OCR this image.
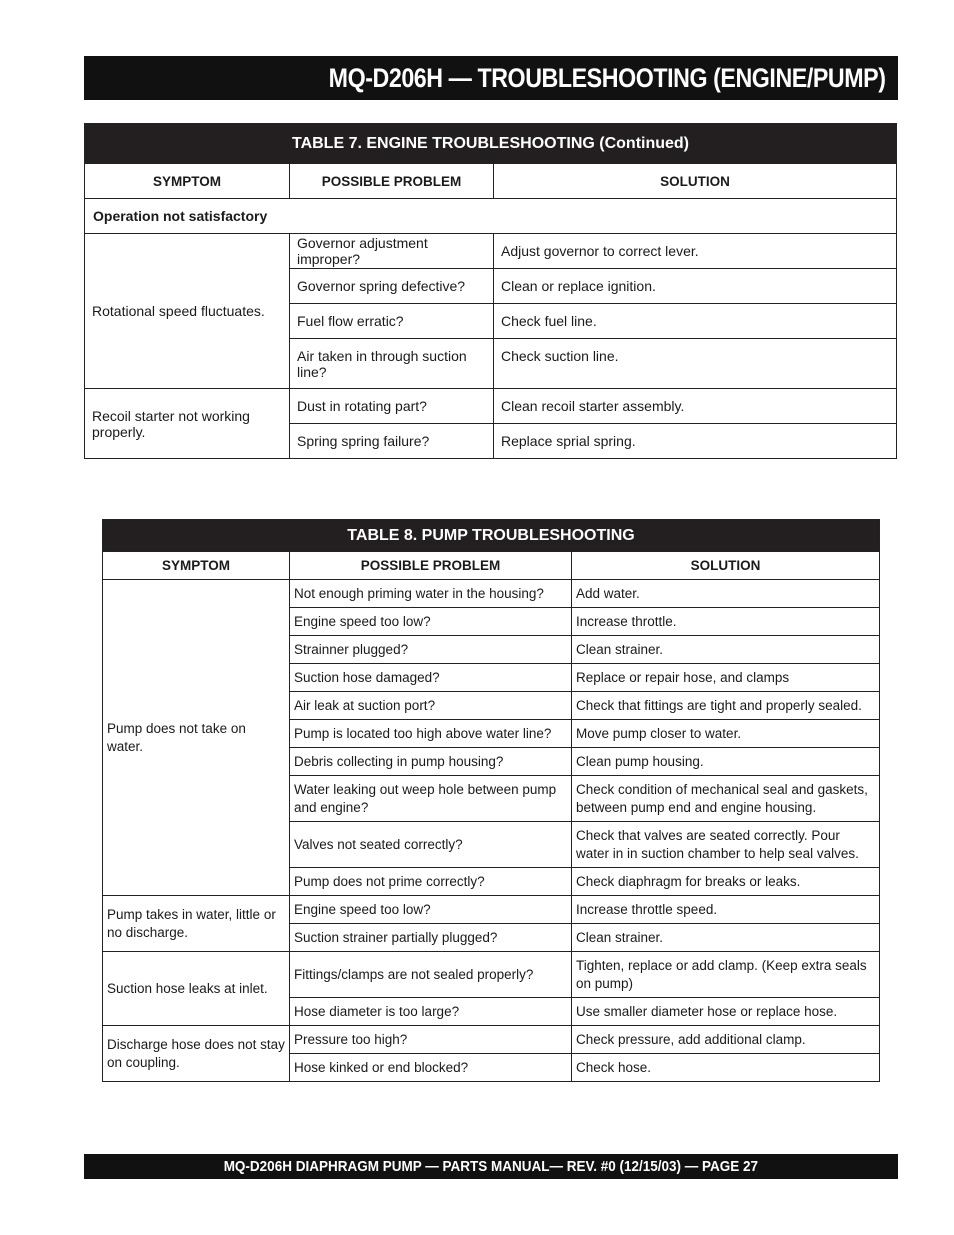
MQ-D206H — TROUBLESHOOTING (ENGINE/PUMP)
TABLE 7. ENGINE TROUBLESHOOTING (Continued)		
SYMPTOM	POSSIBLE PROBLEM	SOLUTION
Operation not satisfactory		
Rotational speed fluctuates.	Governor adjustment improper?	Adjust governor to correct lever.
	Governor spring defective?	Clean or replace ignition.
	Fuel flow erratic?	Check fuel line.
	Air taken in through suction line?	Check suction line.
Recoil starter not working properly.	Dust in rotating part?	Clean recoil starter assembly.
	Spring spring failure?	Replace sprial spring.
TABLE 8. PUMP TROUBLESHOOTING		
SYMPTOM	POSSIBLE PROBLEM	SOLUTION
Pump does not take on water.	Not enough priming water in the housing?	Add water.
	Engine speed too low?	Increase throttle.
	Strainner plugged?	Clean strainer.
	Suction hose damaged?	Replace or repair hose, and clamps
	Air leak at suction port?	Check that fittings are tight and properly sealed.
	Pump is located too high above water line?	Move pump closer to water.
	Debris collecting in pump housing?	Clean pump housing.
	Water leaking out weep hole between pump and engine?	Check condition of mechanical seal and gaskets, between pump end and engine housing.
	Valves not seated correctly?	Check that valves are seated correctly. Pour water in in suction chamber to help seal valves.
	Pump does not prime correctly?	Check diaphragm for breaks or leaks.
Pump takes in water, little or no discharge.	Engine speed too low?	Increase throttle speed.
	Suction strainer partially plugged?	Clean strainer.
Suction hose leaks at inlet.	Fittings/clamps are not sealed properly?	Tighten, replace or add clamp. (Keep extra seals on pump)
	Hose diameter is too large?	Use smaller diameter hose or replace hose.
Discharge hose does not stay on coupling.	Pressure too high?	Check pressure, add additional clamp.
	Hose kinked or end blocked?	Check hose.
MQ-D206H DIAPHRAGM PUMP — PARTS MANUAL— REV. #0 (12/15/03) — PAGE 27
